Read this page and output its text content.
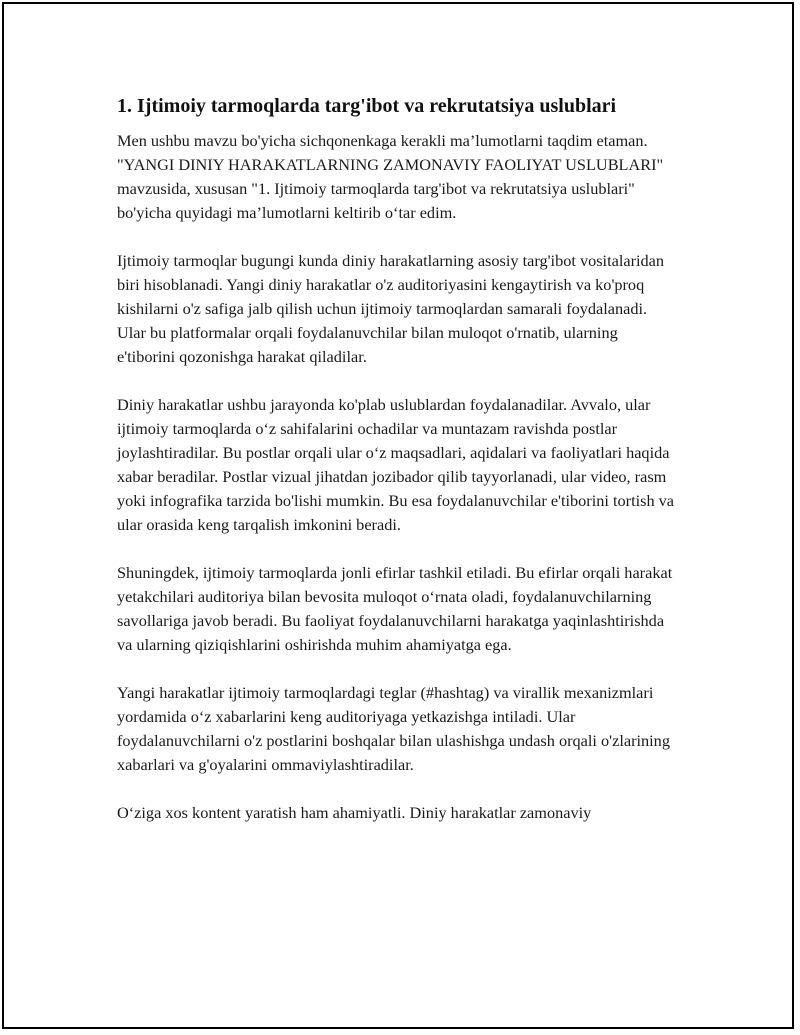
1. Ijtimoiy tarmoqlarda targ'ibot va rekrutatsiya uslublari

Men ushbu mavzu bo'yicha sichqonenkaga kerakli ma’lumotlarni taqdim etaman. "YANGI DINIY HARAKATLARNING ZAMONAVIY FAOLIYAT USLUBLARI" mavzusida, xususan "1. Ijtimoiy tarmoqlarda targ'ibot va rekrutatsiya uslublari" bo'yicha quyidagi ma’lumotlarni keltirib o‘tar edim.

Ijtimoiy tarmoqlar bugungi kunda diniy harakatlarning asosiy targ'ibot vositalaridan biri hisoblanadi. Yangi diniy harakatlar o'z auditoriyasini kengaytirish va ko'proq kishilarni o'z safiga jalb qilish uchun ijtimoiy tarmoqlardan samarali foydalanadi. Ular bu platformalar orqali foydalanuvchilar bilan muloqot o'rnatib, ularning e'tiborini qozonishga harakat qiladilar.

Diniy harakatlar ushbu jarayonda ko'plab uslublardan foydalanadilar. Avvalo, ular ijtimoiy tarmoqlarda o‘z sahifalarini ochadilar va muntazam ravishda postlar joylashtiradilar. Bu postlar orqali ular o‘z maqsadlari, aqidalari va faoliyatlari haqida xabar beradilar. Postlar vizual jihatdan jozibador qilib tayyorlanadi, ular video, rasm yoki infografika tarzida bo'lishi mumkin. Bu esa foydalanuvchilar e'tiborini tortish va ular orasida keng tarqalish imkonini beradi.

Shuningdek, ijtimoiy tarmoqlarda jonli efirlar tashkil etiladi. Bu efirlar orqali harakat yetakchilari auditoriya bilan bevosita muloqot o‘rnata oladi, foydalanuvchilarning savollariga javob beradi. Bu faoliyat foydalanuvchilarni harakatga yaqinlashtirishda va ularning qiziqishlarini oshirishda muhim ahamiyatga ega.

Yangi harakatlar ijtimoiy tarmoqlardagi teglar (#hashtag) va virallik mexanizmlari yordamida o‘z xabarlarini keng auditoriyaga yetkazishga intiladi. Ular foydalanuvchilarni o'z postlarini boshqalar bilan ulashishga undash orqali o'zlarining xabarlari va g'oyalarini ommaviylashtiradilar.

O‘ziga xos kontent yaratish ham ahamiyatli. Diniy harakatlar zamonaviy
